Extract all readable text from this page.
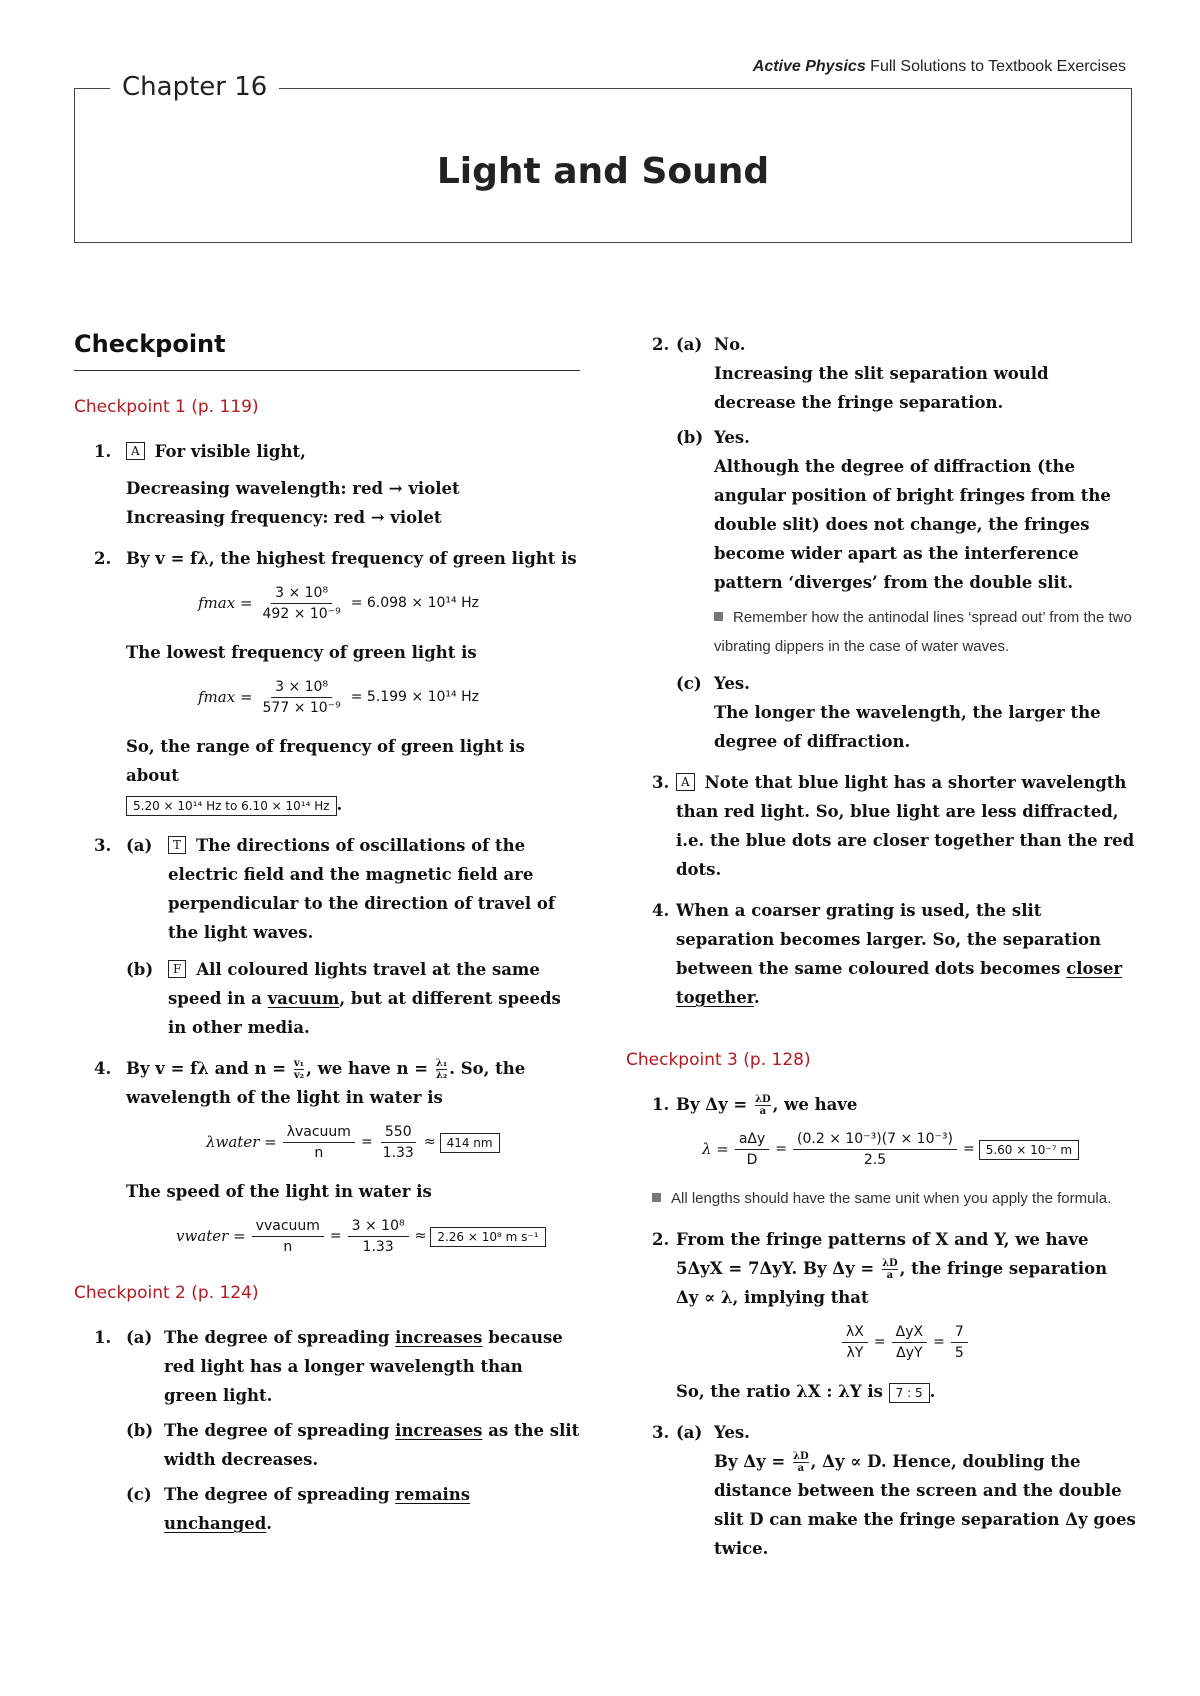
Active Physics Full Solutions to Textbook Exercises
Light and Sound
Chapter 16
Checkpoint
Checkpoint 1 (p. 119)
1.	A For visible light,
Decreasing wavelength: red → violet
Increasing frequency: red → violet
2. By v = fλ, the highest frequency of green light is
$fmax = \frac{\text{3 × 10⁸}}{\text{492 × 10⁻⁹}} = 6.098 \times 10^{14}$ Hz
The lowest frequency of green light is
$fmax = \frac{\text{3 × 10⁸}}{\text{577 × 10⁻⁹}} = 5.199 \times 10^{14}$ Hz
So, the range of frequency of green light is about
5.20 × 10¹⁴ Hz to 6.10 × 10¹⁴ Hz .
3. (a) T The directions of oscillations of the electric field and the magnetic field are perpendicular to the direction of travel of the light waves.
(b) F All coloured lights travel at the same speed in a vacuum, but at different speeds in other media.
4. By v = fλ and $n = \frac{\text{v₁}}{\text{v₂}}$ , we have $n = \frac{\text{λ₁}}{\text{λ₂}}$ . So, the wavelength of the light in water is
λwater = $\frac{\text{λvacuum}}{n} = \frac{550}{1.33} \approx 414$ nm
The speed of the light in water is
vwater = $\frac{\text{vvacuum}}{n} = \frac{\text{3 × 10⁸}}{1.33} \approx 2.26 \times 10^8$ m s⁻¹
Checkpoint 2 (p. 124)
1. (a) The degree of spreading increases because red light has a longer wavelength than green light.
(b) The degree of spreading increases as the slit width decreases.
(c) The degree of spreading remains unchanged.
2. (a) No.
Increasing the slit separation would decrease the fringe separation.
(b) Yes.
Although the degree of diffraction (the angular position of bright fringes from the double slit) does not change, the fringes become wider apart as the interference pattern ‘diverges’ from the double slit.
Remember how the antinodal lines ‘spread out’ from the two vibrating dippers in the case of water waves.
(c) Yes.
The longer the wavelength, the larger the degree of diffraction.
3. A Note that blue light has a shorter wavelength than red light. So, blue light are less diffracted, i.e. the blue dots are closer together than the red dots.
4. When a coarser grating is used, the slit separation becomes larger. So, the separation between the same coloured dots becomes closer together.
Checkpoint 3 (p. 128)
1. By $\Delta y = \frac{\lambda D}{a}$ , we have
$\lambda = \frac{\text{aΔy}}{D} = \frac{\text{(0.2 × 10⁻³)(7 × 10⁻³)}}{2.5} = 5.60 \times 10^{-7}$ m
All lengths should have the same unit when you apply the formula.
2. From the fringe patterns of X and Y, we have
5ΔyX = 7ΔyY. By $\Delta y = \frac{\lambda D}{a}$ , the fringe separation
Δy ∝ λ, implying that
$\frac{\lambda X}{\lambda Y} = \frac{\text{ΔyX}}{\text{ΔyY}} = \frac{7}{5}$
So, the ratio λX : λY is 7 : 5 .
3. (a) Yes.
By $\Delta y = \frac{\lambda D}{a}$ , Δy ∝ D. Hence, doubling the distance between the screen and the double slit D can make the fringe separation Δy goes twice.
